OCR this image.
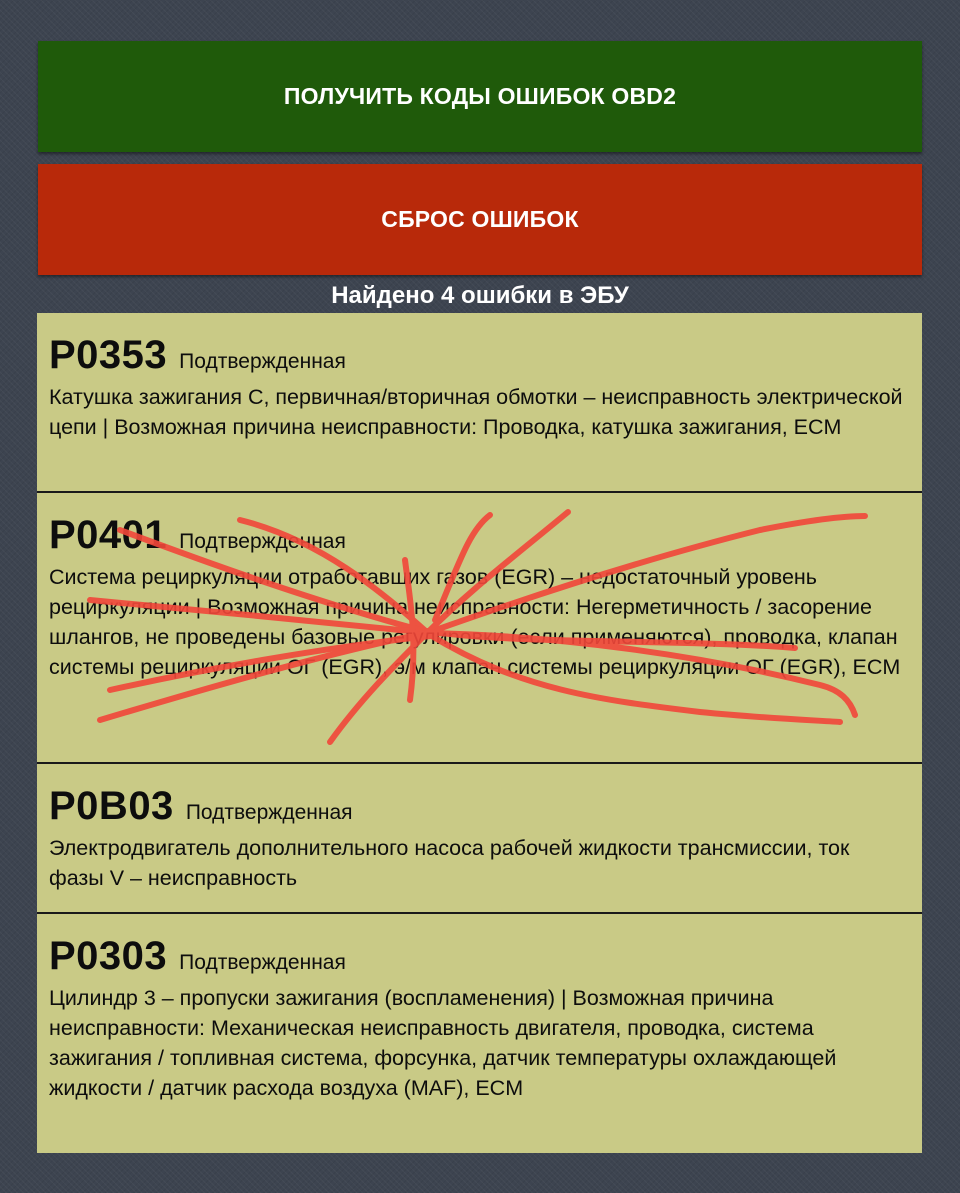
ПОЛУЧИТЬ КОДЫ ОШИБОК OBD2
СБРОС ОШИБОК
Найдено 4 ошибки в ЭБУ
P0353 Подтвержденная
Катушка зажигания С, первичная/вторичная обмотки – неисправность электрической цепи | Возможная причина неисправности: Проводка, катушка зажигания, ECM
P0401 Подтвержденная
Система рециркуляции отработавших газов (EGR) – недостаточный уровень рециркуляции | Возможная причина неисправности: Негерметичность / засорение шлангов, не проведены базовые регулировки (если применяются), проводка, клапан системы рециркуляции ОГ (EGR), э/м клапан системы рециркуляции ОГ (EGR), ECM
P0B03 Подтвержденная
Электродвигатель дополнительного насоса рабочей жидкости трансмиссии, ток фазы V – неисправность
P0303 Подтвержденная
Цилиндр 3 – пропуски зажигания (воспламенения) | Возможная причина неисправности: Механическая неисправность двигателя, проводка, система зажигания / топливная система, форсунка, датчик температуры охлаждающей жидкости / датчик расхода воздуха (MAF), ECM
